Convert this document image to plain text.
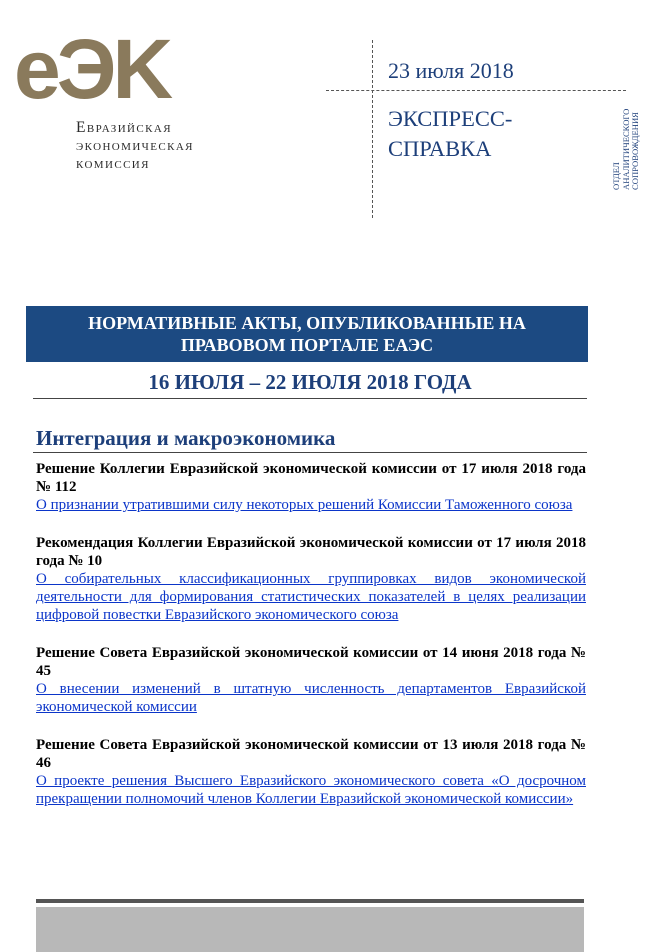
eЭK
Евразийская
экономическая
комиссия
23 июля 2018
ЭКСПРЕСС-
СПРАВКА
ОТДЕЛ АНАЛИТИЧЕСКОГО СОПРОВОЖДЕНИЯ
НОРМАТИВНЫЕ АКТЫ, ОПУБЛИКОВАННЫЕ НА
ПРАВОВОМ ПОРТАЛЕ ЕАЭС
16 ИЮЛЯ – 22 ИЮЛЯ 2018 ГОДА
Интеграция и макроэкономика
Решение Коллегии Евразийской экономической комиссии от 17 июля 2018 года № 112
О признании утратившими силу некоторых решений Комиссии Таможенного союза
Рекомендация Коллегии Евразийской экономической комиссии от 17 июля 2018 года № 10
О собирательных классификационных группировках видов экономической деятельности для формирования статистических показателей в целях реализации цифровой повестки Евразийского экономического союза
Решение Совета Евразийской экономической комиссии от 14 июня 2018 года № 45
О внесении изменений в штатную численность департаментов Евразийской экономической комиссии
Решение Совета Евразийской экономической комиссии от 13 июля 2018 года № 46
О проекте решения Высшего Евразийского экономического совета «О досрочном прекращении полномочий членов Коллегии Евразийской экономической комиссии»
